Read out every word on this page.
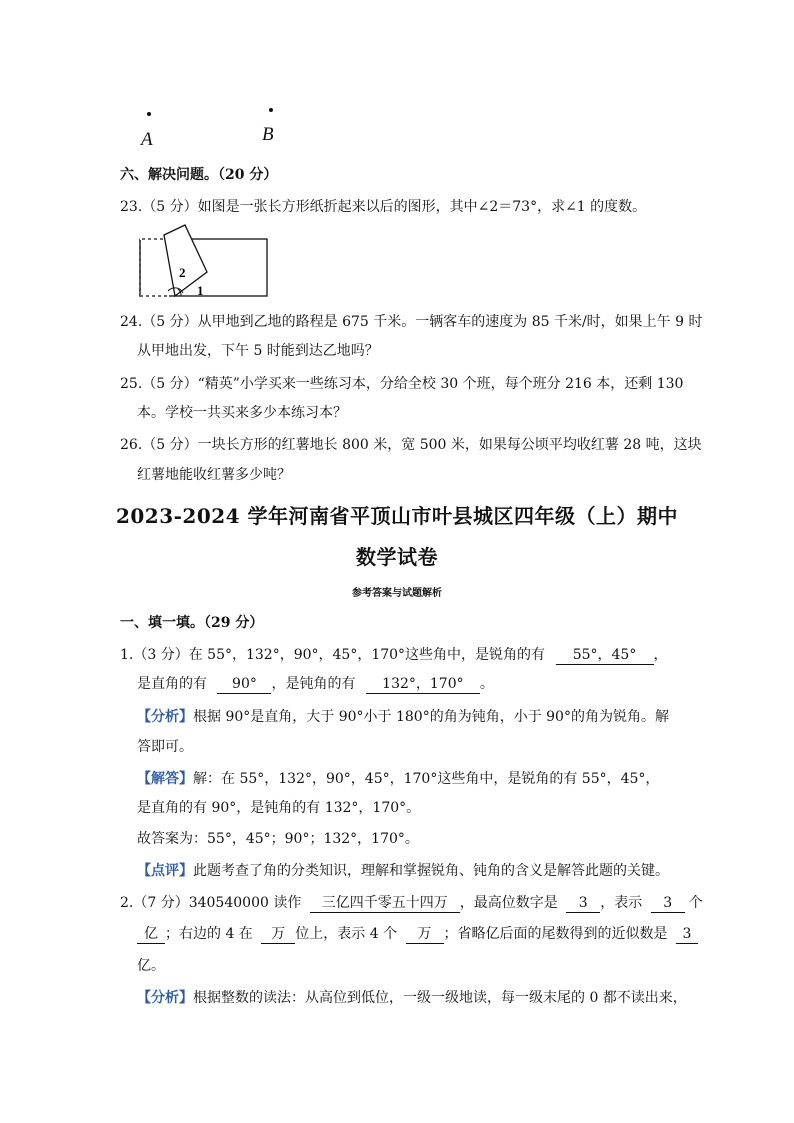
A	B
六、解决问题。（20 分）
23.（5 分）如图是一张长方形纸折起来以后的图形，其中∠2＝73°，求∠1 的度数。
2
1
24.（5 分）从甲地到乙地的路程是 675 千米。一辆客车的速度为 85 千米/时，如果上午 9 时
从甲地出发，下午 5 时能到达乙地吗？
25.（5 分）“精英”小学买来一些练习本，分给全校 30 个班，每个班分 216 本，还剩 130
本。学校一共买来多少本练习本？
26.（5 分）一块长方形的红薯地长 800 米，宽 500 米，如果每公顷平均收红薯 28 吨，这块
红薯地能收红薯多少吨？
2023-2024 学年河南省平顶山市叶县城区四年级（上）期中
数学试卷
参考答案与试题解析
一、填一填。（29 分）
1.（3 分）在 55°，132°，90°，45°，170°这些角中，是锐角的有 55°，45° ，
是直角的有 90° ，是钝角的有 132°，170° 。
【分析】根据 90°是直角，大于 90°小于 180°的角为钝角，小于 90°的角为锐角。解
答即可。
【解答】解：在 55°，132°，90°，45°，170°这些角中，是锐角的有 55°，45°，
是直角的有 90°，是钝角的有 132°，170°。
故答案为：55°，45°；90°；132°，170°。
【点评】此题考查了角的分类知识，理解和掌握锐角、钝角的含义是解答此题的关键。
2.（7 分）340540000 读作 三亿四千零五十四万 ，最高位数字是 3 ，表示 3 个
亿 ；右边的 4 在 万 位上，表示 4 个 万 ；省略亿后面的尾数得到的近似数是 3
亿。
【分析】根据整数的读法：从高位到低位，一级一级地读，每一级末尾的 0 都不读出来，
